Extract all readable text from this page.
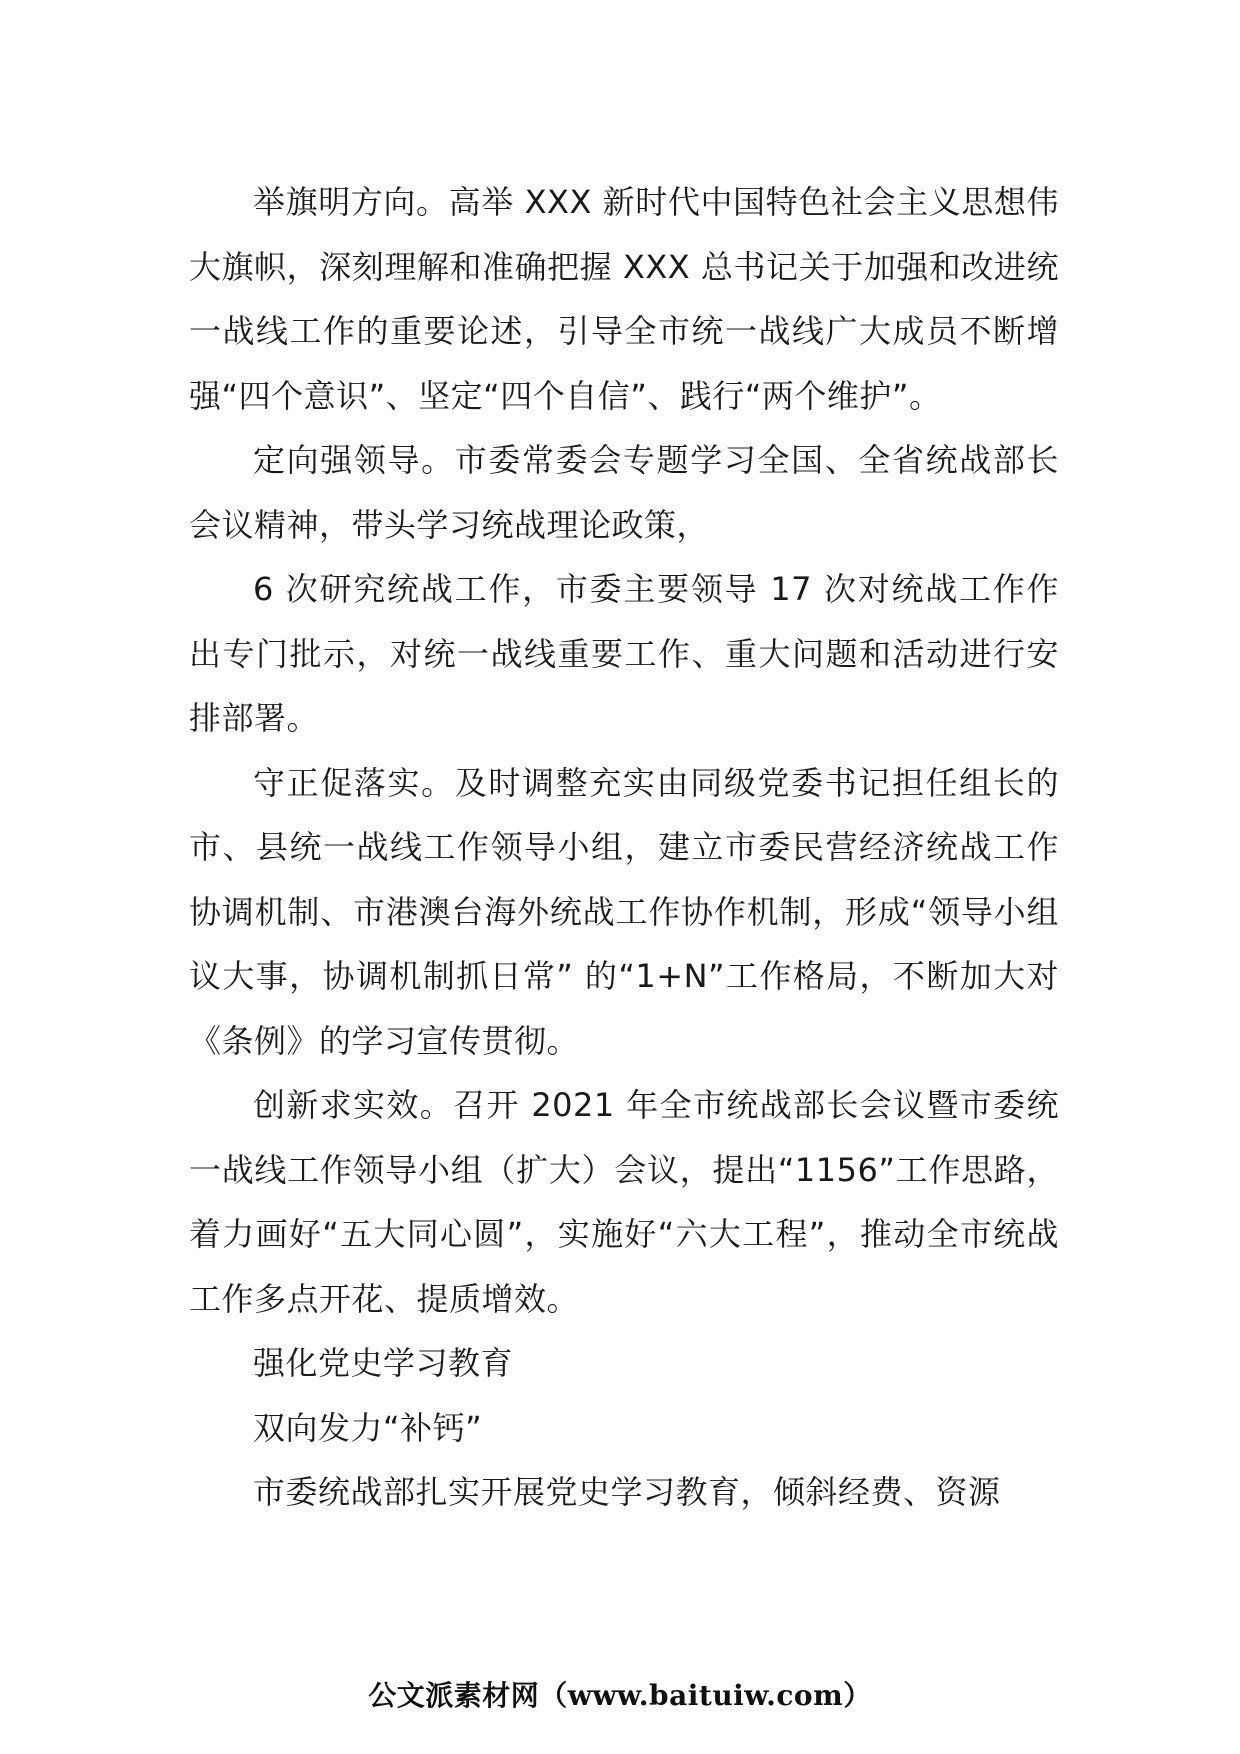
举旗明方向。高举 XXX 新时代中国特色社会主义思想伟大旗帜，深刻理解和准确把握 XXX 总书记关于加强和改进统一战线工作的重要论述，引导全市统一战线广大成员不断增强“四个意识”、坚定“四个自信”、践行“两个维护”。

定向强领导。市委常委会专题学习全国、全省统战部长会议精神，带头学习统战理论政策，

6 次研究统战工作，市委主要领导 17 次对统战工作作出专门批示，对统一战线重要工作、重大问题和活动进行安排部署。

守正促落实。及时调整充实由同级党委书记担任组长的市、县统一战线工作领导小组，建立市委民营经济统战工作协调机制、市港澳台海外统战工作协作机制，形成“领导小组议大事，协调机制抓日常” 的“1+N”工作格局，不断加大对《条例》的学习宣传贯彻。

创新求实效。召开 2021 年全市统战部长会议暨市委统一战线工作领导小组（扩大）会议，提出“1156”工作思路，着力画好“五大同心圆”，实施好“六大工程”，推动全市统战工作多点开花、提质增效。

强化党史学习教育

双向发力“补钙”

市委统战部扎实开展党史学习教育，倾斜经费、资源

公文派素材网（www.baituiw.com）
